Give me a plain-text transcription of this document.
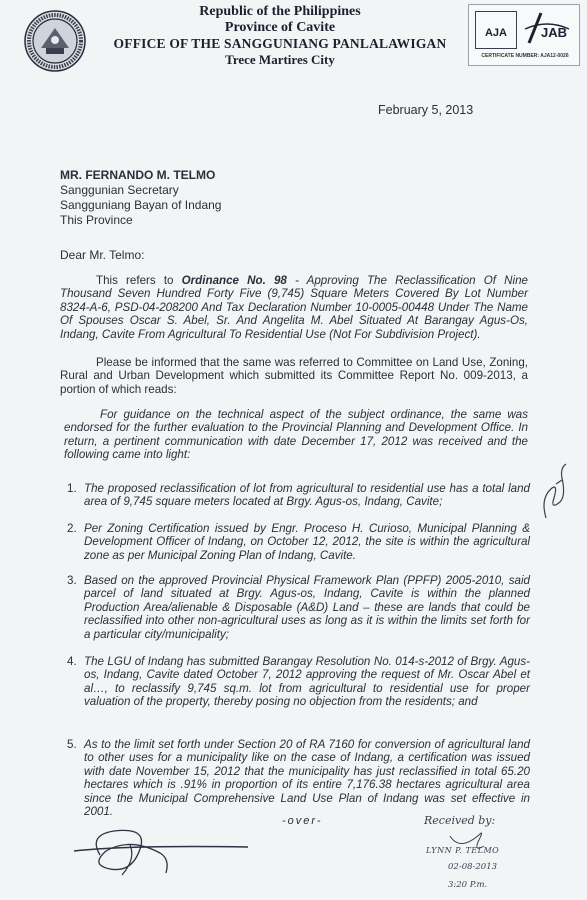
Republic of the Philippines
Province of Cavite
OFFICE OF THE SANGGUNIANG PANLALAWIGAN
Trece Martires City
AJA	JAB
CERTIFICATE NUMBER: AJA12-0026
February 5, 2013
MR. FERNANDO M. TELMO
Sanggunian Secretary
Sangguniang Bayan of Indang
This Province
Dear Mr. Telmo:
This refers to Ordinance No. 98 - Approving The Reclassification Of Nine Thousand Seven Hundred Forty Five (9,745) Square Meters Covered By Lot Number 8324-A-6, PSD-04-208200 And Tax Declaration Number 10-0005-00448 Under The Name Of Spouses Oscar S. Abel, Sr. And Angelita M. Abel Situated At Barangay Agus-Os, Indang, Cavite From Agricultural To Residential Use (Not For Subdivision Project).
Please be informed that the same was referred to Committee on Land Use, Zoning, Rural and Urban Development which submitted its Committee Report No. 009-2013, a portion of which reads:
For guidance on the technical aspect of the subject ordinance, the same was endorsed for the further evaluation to the Provincial Planning and Development Office. In return, a pertinent communication with date December 17, 2012 was received and the following came into light:
1. The proposed reclassification of lot from agricultural to residential use has a total land area of 9,745 square meters located at Brgy. Agus-os, Indang, Cavite;
2. Per Zoning Certification issued by Engr. Proceso H. Curioso, Municipal Planning & Development Officer of Indang, on October 12, 2012, the site is within the agricultural zone as per Municipal Zoning Plan of Indang, Cavite.
3. Based on the approved Provincial Physical Framework Plan (PPFP) 2005-2010, said parcel of land situated at Brgy. Agus-os, Indang, Cavite is within the planned Production Area/alienable & Disposable (A&D) Land – these are lands that could be reclassified into other non-agricultural uses as long as it is within the limits set forth for a particular city/municipality;
4. The LGU of Indang has submitted Barangay Resolution No. 014-s-2012 of Brgy. Agus-os, Indang, Cavite dated October 7, 2012 approving the request of Mr. Oscar Abel et al…, to reclassify 9,745 sq.m. lot from agricultural to residential use for proper valuation of the property, thereby posing no objection from the residents; and
5. As to the limit set forth under Section 20 of RA 7160 for conversion of agricultural land to other uses for a municipality like on the case of Indang, a certification was issued with date November 15, 2012 that the municipality has just reclassified in total 65.20 hectares which is .91% in proportion of its entire 7,176.38 hectares agricultural area since the Municipal Comprehensive Land Use Plan of Indang was set effective in 2001.
-over-	Received by:
LYNN P. TELMO
02-08-2013
3:20 P.m.
